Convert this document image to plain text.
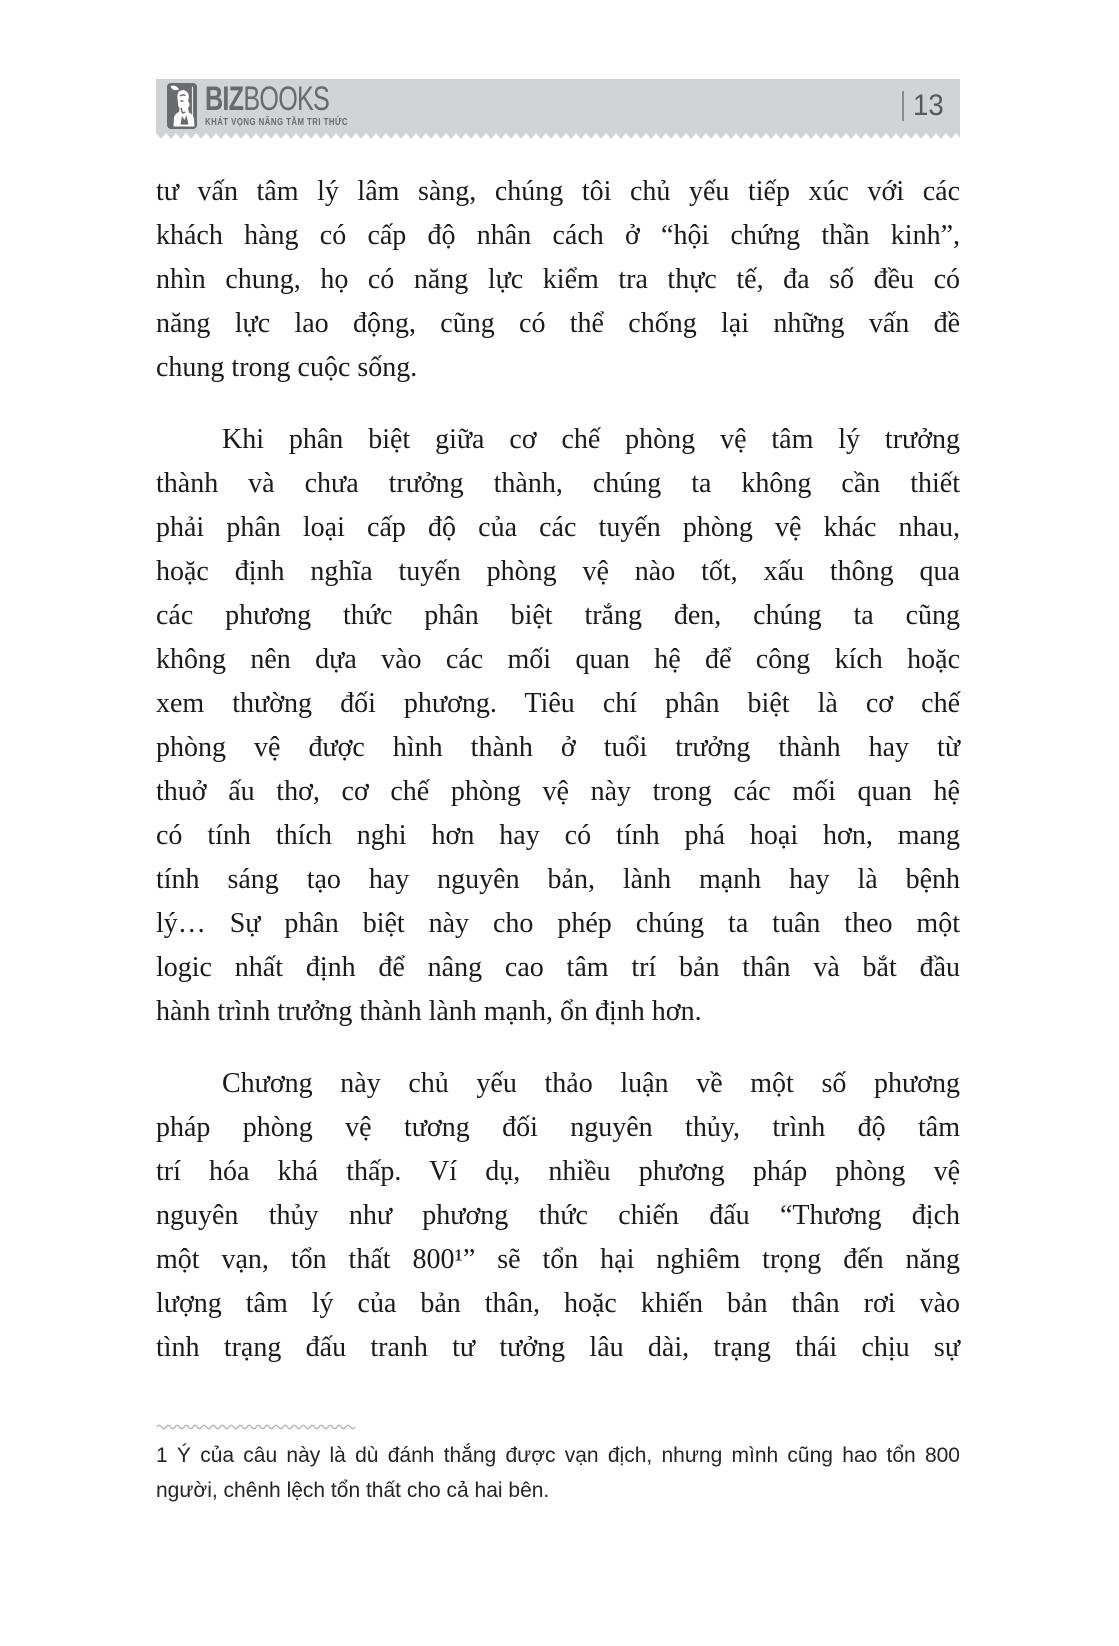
BIZBOOKS
KHÁT VỌNG NÂNG TẦM TRI THỨC
13
tư vấn tâm lý lâm sàng, chúng tôi chủ yếu tiếp xúc với các
khách hàng có cấp độ nhân cách ở “hội chứng thần kinh”,
nhìn chung, họ có năng lực kiểm tra thực tế, đa số đều có
năng lực lao động, cũng có thể chống lại những vấn đề
chung trong cuộc sống.
Khi phân biệt giữa cơ chế phòng vệ tâm lý trưởng
thành và chưa trưởng thành, chúng ta không cần thiết
phải phân loại cấp độ của các tuyến phòng vệ khác nhau,
hoặc định nghĩa tuyến phòng vệ nào tốt, xấu thông qua
các phương thức phân biệt trắng đen, chúng ta cũng
không nên dựa vào các mối quan hệ để công kích hoặc
xem thường đối phương. Tiêu chí phân biệt là cơ chế
phòng vệ được hình thành ở tuổi trưởng thành hay từ
thuở ấu thơ, cơ chế phòng vệ này trong các mối quan hệ
có tính thích nghi hơn hay có tính phá hoại hơn, mang
tính sáng tạo hay nguyên bản, lành mạnh hay là bệnh
lý… Sự phân biệt này cho phép chúng ta tuân theo một
logic nhất định để nâng cao tâm trí bản thân và bắt đầu
hành trình trưởng thành lành mạnh, ổn định hơn.
Chương này chủ yếu thảo luận về một số phương
pháp phòng vệ tương đối nguyên thủy, trình độ tâm
trí hóa khá thấp. Ví dụ, nhiều phương pháp phòng vệ
nguyên thủy như phương thức chiến đấu “Thương địch
một vạn, tổn thất 800¹” sẽ tổn hại nghiêm trọng đến năng
lượng tâm lý của bản thân, hoặc khiến bản thân rơi vào
tình trạng đấu tranh tư tưởng lâu dài, trạng thái chịu sự
1 Ý của câu này là dù đánh thắng được vạn địch, nhưng mình cũng hao tổn 800
người, chênh lệch tổn thất cho cả hai bên.
